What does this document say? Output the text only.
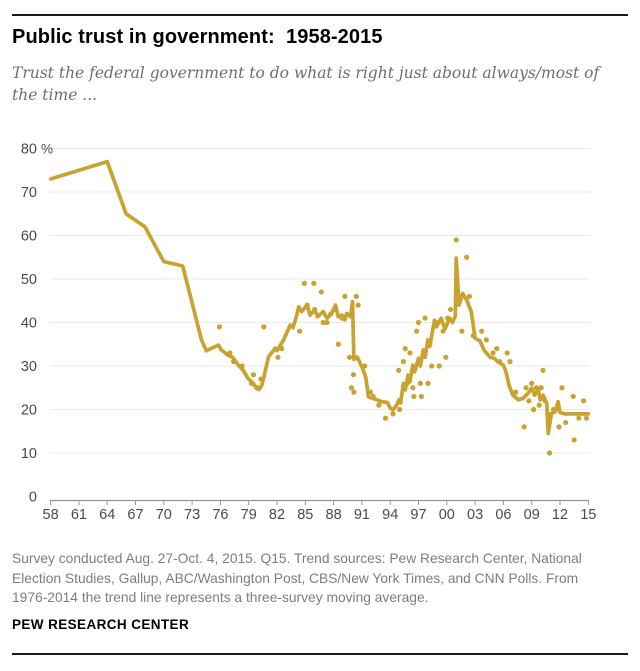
Public trust in government:  1958-2015
Trust the federal government to do what is right just about always/most of
the time ...
80 %
70
60
50
40
30
20
10
0
58 61 64 67 70 73 76 79 82 85 88 91 94 97 00 03 06 09 12 15
Survey conducted Aug. 27-Oct. 4, 2015. Q15. Trend sources: Pew Research Center, National
Election Studies, Gallup, ABC/Washington Post, CBS/New York Times, and CNN Polls. From
1976-2014 the trend line represents a three-survey moving average.
PEW RESEARCH CENTER
